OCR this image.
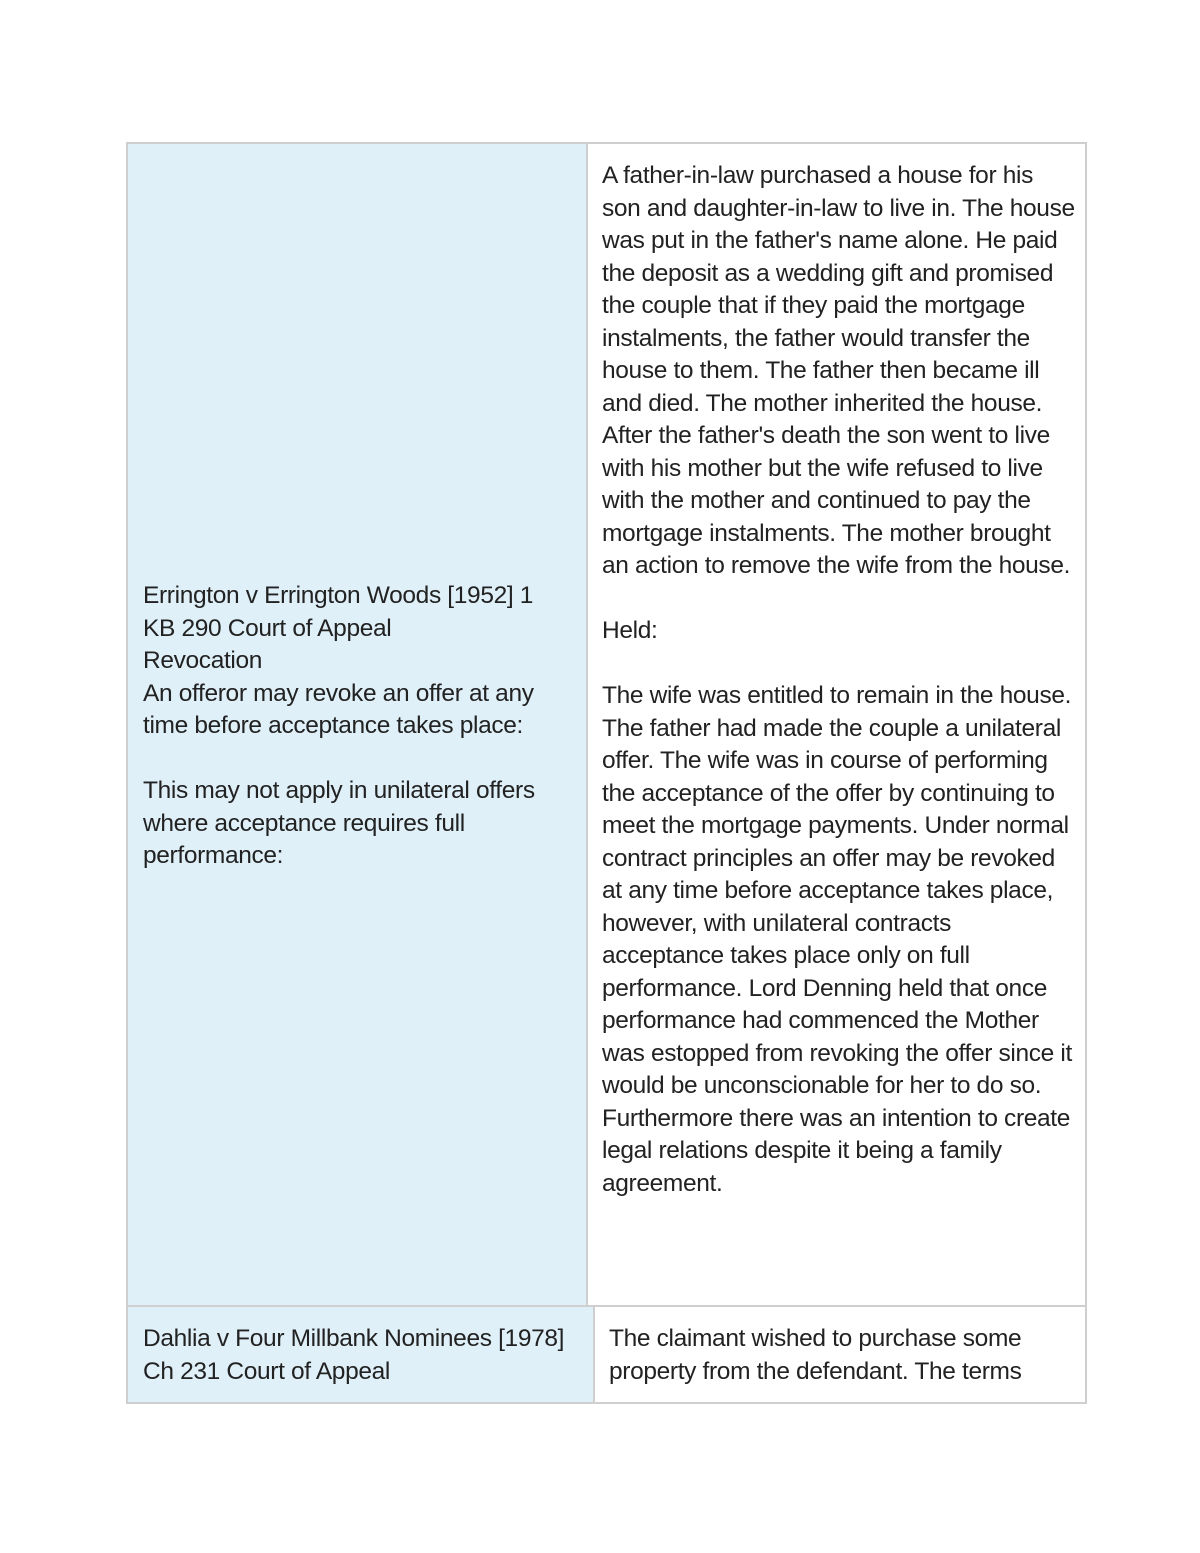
Errington v Errington Woods [1952] 1
KB 290 Court of Appeal
Revocation
An offeror may revoke an offer at any time before acceptance takes place:
This may not apply in unilateral offers where acceptance requires full performance:
A father-in-law purchased a house for his son and daughter-in-law to live in. The house was put in the father's name alone. He paid the deposit as a wedding gift and promised the couple that if they paid the mortgage instalments, the father would transfer the house to them. The father then became ill and died. The mother inherited the house. After the father's death the son went to live with his mother but the wife refused to live with the mother and continued to pay the mortgage instalments. The mother brought an action to remove the wife from the house.
Held:
The wife was entitled to remain in the house. The father had made the couple a unilateral offer. The wife was in course of performing the acceptance of the offer by continuing to meet the mortgage payments. Under normal contract principles an offer may be revoked at any time before acceptance takes place, however, with unilateral contracts acceptance takes place only on full performance. Lord Denning held that once performance had commenced the Mother was estopped from revoking the offer since it would be unconscionable for her to do so. Furthermore there was an intention to create legal relations despite it being a family agreement.
Dahlia v Four Millbank Nominees [1978] Ch 231 Court of Appeal
The claimant wished to purchase some property from the defendant. The terms
